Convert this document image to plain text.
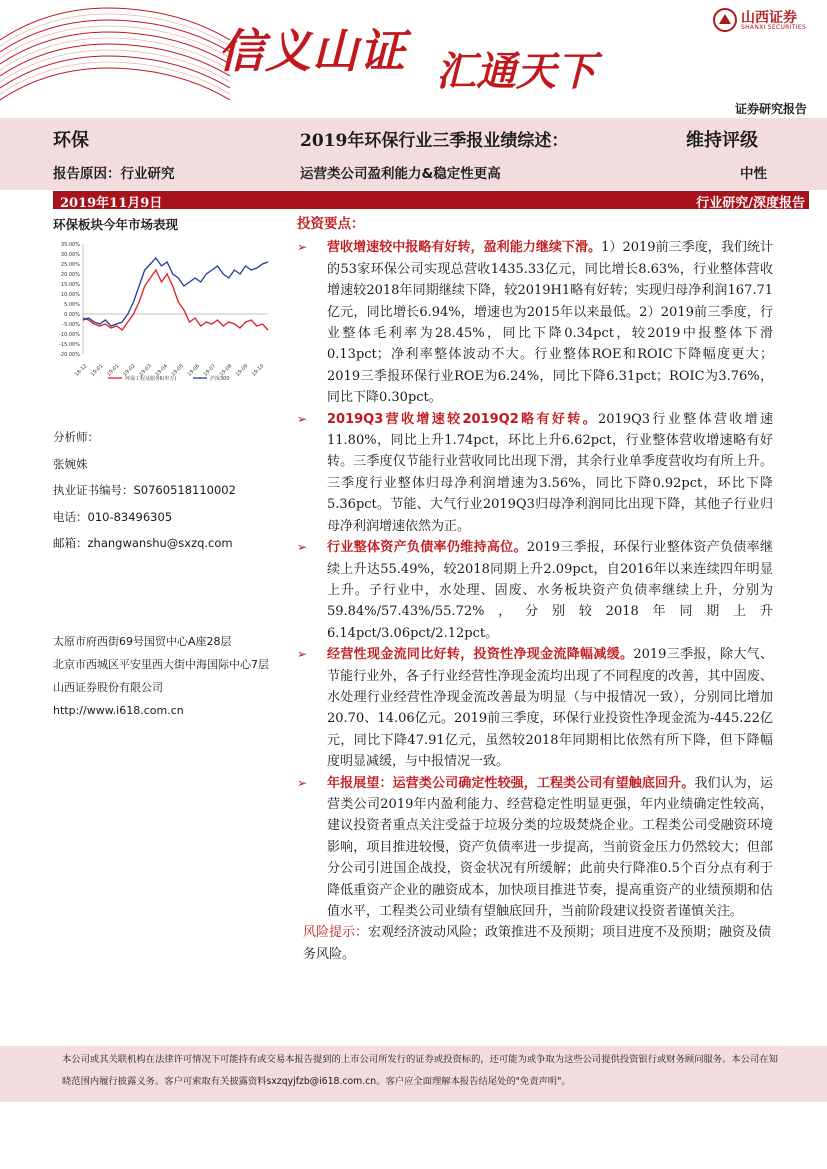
信义山证 汇通天下
山西证券
SHANXI SECURITIES
证券研究报告
环保	2019年环保行业三季报业绩综述：	维持评级
报告原因：行业研究	运营类公司盈利能力&稳定性更高	中性
2019年11月9日	行业研究/深度报告
环保板块今年市场表现
35.00%
30.00%
25.00%
20.00%
15.00%
10.00%
5.00%
0.00%
-5.00%
-10.00%
-15.00%
-20.00%
18-12 19-01 19-01 19-02 19-03 19-04 19-05 19-06 19-07 19-08 19-09 19-10
环保工程及服务Ⅱ(申万)	沪深300
分析师：
张婉姝
执业证书编号：S0760518110002
电话：010-83496305
邮箱：zhangwanshu@sxzq.com
太原市府西街69号国贸中心A座28层
北京市西城区平安里西大街中海国际中心7层
山西证券股份有限公司
http://www.i618.com.cn
投资要点：
➢ 营收增速较中报略有好转，盈利能力继续下滑。1）2019前三季度，我们统计的53家环保公司实现总营收1435.33亿元，同比增长8.63%，行业整体营收增速较2018年同期继续下降，较2019H1略有好转；实现归母净利润167.71亿元，同比增长6.94%，增速也为2015年以来最低。2）2019前三季度，行业整体毛利率为28.45%，同比下降0.34pct，较2019中报整体下滑0.13pct；净利率整体波动不大。行业整体ROE和ROIC下降幅度更大；2019三季报环保行业ROE为6.24%，同比下降6.31pct；ROIC为3.76%，同比下降0.30pct。
➢ 2019Q3营收增速较2019Q2略有好转。2019Q3行业整体营收增速11.80%，同比上升1.74pct，环比上升6.62pct，行业整体营收增速略有好转。三季度仅节能行业营收同比出现下滑，其余行业单季度营收均有所上升。三季度行业整体归母净利润增速为3.56%，同比下降0.92pct，环比下降5.36pct。节能、大气行业2019Q3归母净利润同比出现下降，其他子行业归母净利润增速依然为正。
➢ 行业整体资产负债率仍维持高位。2019三季报，环保行业整体资产负债率继续上升达55.49%，较2018同期上升2.09pct，自2016年以来连续四年明显上升。子行业中，水处理、固废、水务板块资产负债率继续上升，分别为59.84%/57.43%/55.72%，分别较2018年同期上升6.14pct/3.06pct/2.12pct。
➢ 经营性现金流同比好转，投资性净现金流降幅减缓。2019三季报，除大气、节能行业外，各子行业经营性净现金流均出现了不同程度的改善，其中固废、水处理行业经营性净现金流改善最为明显（与中报情况一致），分别同比增加20.70、14.06亿元。2019前三季度，环保行业投资性净现金流为-445.22亿元，同比下降47.91亿元，虽然较2018年同期相比依然有所下降，但下降幅度明显减缓，与中报情况一致。
➢ 年报展望：运营类公司确定性较强，工程类公司有望触底回升。我们认为，运营类公司2019年内盈利能力、经营稳定性明显更强，年内业绩确定性较高，建议投资者重点关注受益于垃圾分类的垃圾焚烧企业。工程类公司受融资环境影响，项目推进较慢，资产负债率进一步提高，当前资金压力仍然较大；但部分公司引进国企战投，资金状况有所缓解；此前央行降准0.5个百分点有利于降低重资产企业的融资成本，加快项目推进节奏，提高重资产的业绩预期和估值水平，工程类公司业绩有望触底回升，当前阶段建议投资者谨慎关注。
风险提示：宏观经济波动风险；政策推进不及预期；项目进度不及预期；融资及债务风险。
本公司或其关联机构在法律许可情况下可能持有或交易本报告提到的上市公司所发行的证券或投资标的，还可能为或争取为这些公司提供投资银行或财务顾问服务。本公司在知晓范围内履行披露义务。客户可索取有关披露资料sxzqyjfzb@i618.com.cn。客户应全面理解本报告结尾处的"免责声明"。
